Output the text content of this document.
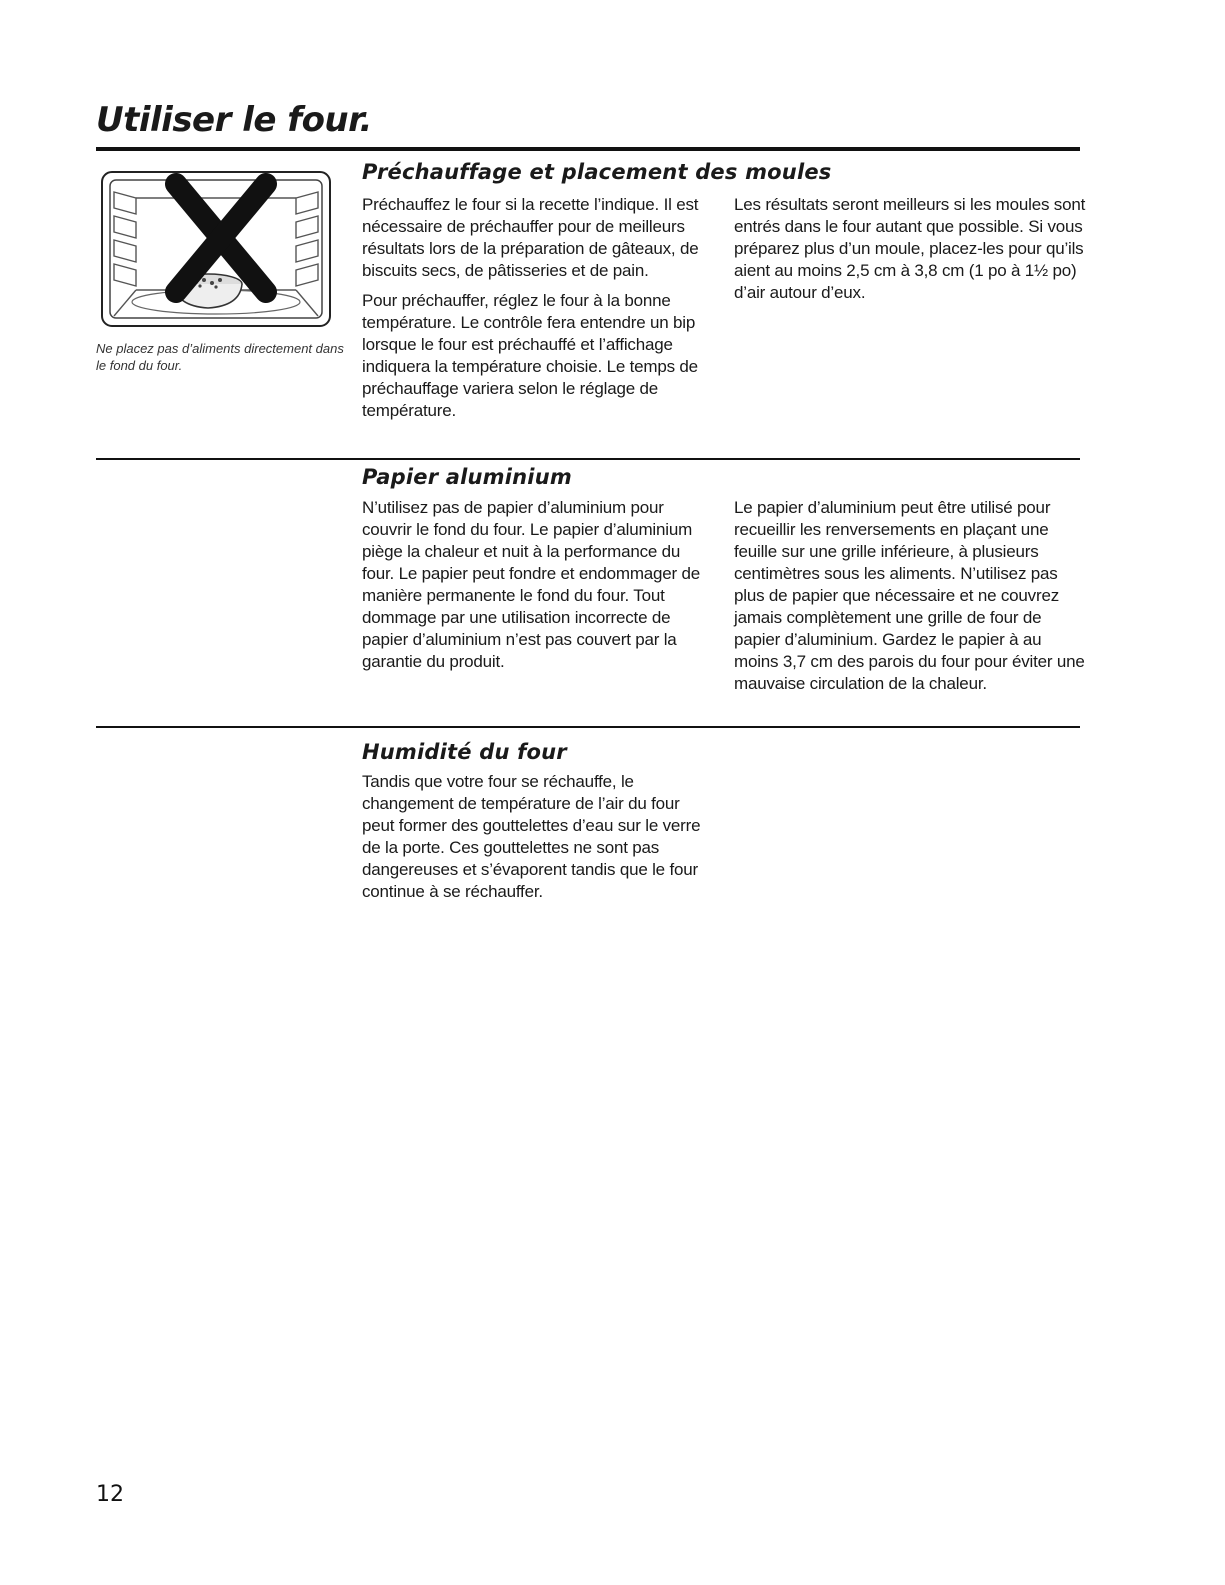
Utiliser le four.
Ne placez pas d’aliments directement dans le fond du four.
Préchauffage et placement des moules

Préchauffez le four si la recette l’indique. Il est nécessaire de préchauffer pour de meilleurs résultats lors de la préparation de gâteaux, de biscuits secs, de pâtisseries et de pain.

Pour préchauffer, réglez le four à la bonne température. Le contrôle fera entendre un bip lorsque le four est préchauffé et l’affichage indiquera la température choisie. Le temps de préchauffage variera selon le réglage de température.

Les résultats seront meilleurs si les moules sont entrés dans le four autant que possible. Si vous préparez plus d’un moule, placez-les pour qu’ils aient au moins 2,5 cm à 3,8 cm (1 po à 1½ po) d’air autour d’eux.

Papier aluminium

N’utilisez pas de papier d’aluminium pour couvrir le fond du four. Le papier d’aluminium piège la chaleur et nuit à la performance du four. Le papier peut fondre et endommager de manière permanente le fond du four. Tout dommage par une utilisation incorrecte de papier d’aluminium n’est pas couvert par la garantie du produit.

Le papier d’aluminium peut être utilisé pour recueillir les renversements en plaçant une feuille sur une grille inférieure, à plusieurs centimètres sous les aliments. N’utilisez pas plus de papier que nécessaire et ne couvrez jamais complètement une grille de four de papier d’aluminium. Gardez le papier à au moins 3,7 cm des parois du four pour éviter une mauvaise circulation de la chaleur.

Humidité du four

Tandis que votre four se réchauffe, le changement de température de l’air du four peut former des gouttelettes d’eau sur le verre de la porte. Ces gouttelettes ne sont pas dangereuses et s’évaporent tandis que le four continue à se réchauffer.

12
